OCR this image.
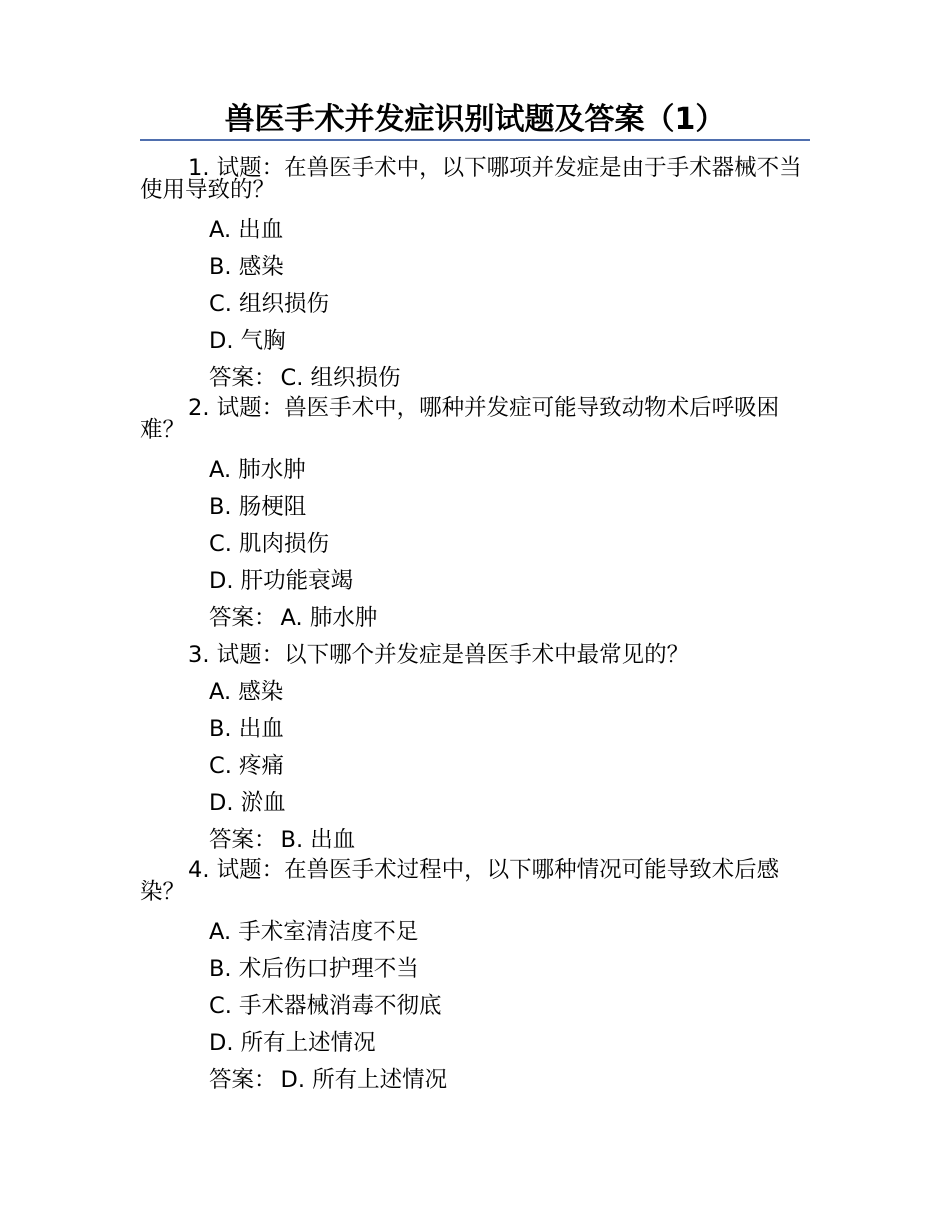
兽医手术并发症识别试题及答案（1）

1. 试题：在兽医手术中，以下哪项并发症是由于手术器械不当使用导致的？

A. 出血

B. 感染

C. 组织损伤

D. 气胸

答案： C. 组织损伤

2. 试题：兽医手术中，哪种并发症可能导致动物术后呼吸困难？

A. 肺水肿

B. 肠梗阻

C. 肌肉损伤

D. 肝功能衰竭

答案： A. 肺水肿

3. 试题：以下哪个并发症是兽医手术中最常见的？

A. 感染

B. 出血

C. 疼痛

D. 淤血

答案： B. 出血

4. 试题：在兽医手术过程中，以下哪种情况可能导致术后感染？

A. 手术室清洁度不足

B. 术后伤口护理不当

C. 手术器械消毒不彻底

D. 所有上述情况

答案： D. 所有上述情况
